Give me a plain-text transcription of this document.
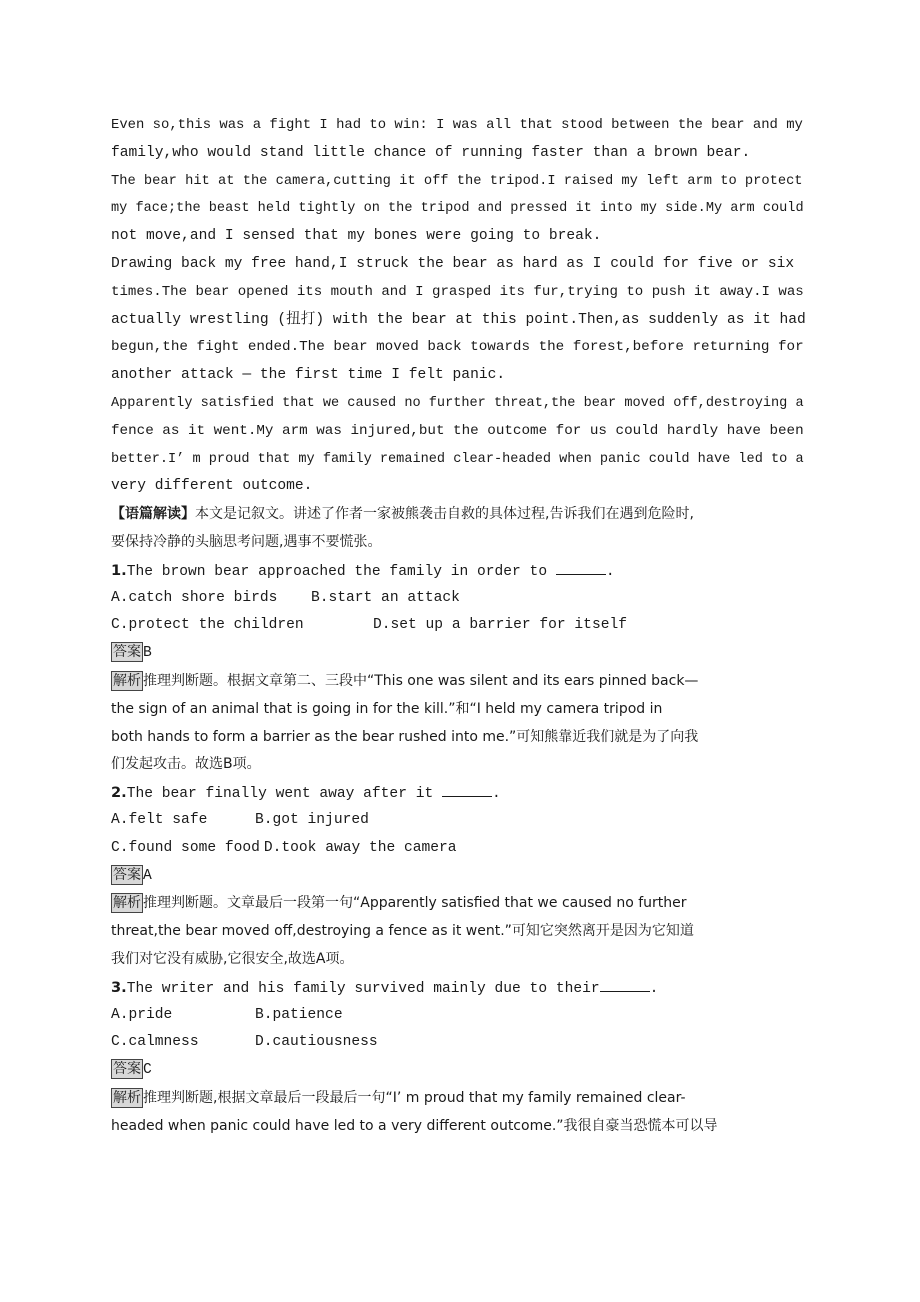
Even so,this was a fight I had to win: I was all that stood between the bear and my
family,who would stand little chance of running faster than a brown bear.
The bear hit at the camera,cutting it off the tripod.I raised my left arm to protect
my face;the beast held tightly on the tripod and pressed it into my side.My arm could
not move,and I sensed that my bones were going to break.
Drawing back my free hand,I struck the bear as hard as I could for five or six
times.The bear opened its mouth and I grasped its fur,trying to push it away.I was
actually wrestling (扭打) with the bear at this point.Then,as suddenly as it had
begun,the fight ended.The bear moved back towards the forest,before returning for
another attack — the first time I felt panic.
Apparently satisfied that we caused no further threat,the bear moved off,destroying a
fence as it went.My arm was injured,but the outcome for us could hardly have been
better.I’ m proud that my family remained clear-headed when panic could have led to a
very different outcome.
【语篇解读】本文是记叙文。讲述了作者一家被熊袭击自救的具体过程,告诉我们在遇到危险时,
要保持冷静的头脑思考问题,遇事不要慌张。
1.The brown bear approached the family in order to	.
A.catch shore birds B.start an attack
C.protect the children	D.set up a barrier for itself
答案 B
解析 推理判断题。根据文章第二、三段中“This one was silent and its ears pinned back—
the sign of an animal that is going in for the kill.”和“I held my camera tripod in
both hands to form a barrier as the bear rushed into me.”可知熊靠近我们就是为了向我
们发起攻击。故选B项。
2.The bear finally went away after it	.
A.felt safe	B.got injured
C.found some food D.took away the camera
答案 A
解析 推理判断题。文章最后一段第一句“Apparently satisfied that we caused no further
threat,the bear moved off,destroying a fence as it went.”可知它突然离开是因为它知道
我们对它没有威胁,它很安全,故选A项。
3.The writer and his family survived mainly due to their	.
A.pride	B.patience
C.calmness	D.cautiousness
答案 C
解析 推理判断题,根据文章最后一段最后一句“I’ m proud that my family remained clear-
headed when panic could have led to a very different outcome.”我很自豪当恐慌本可以导
